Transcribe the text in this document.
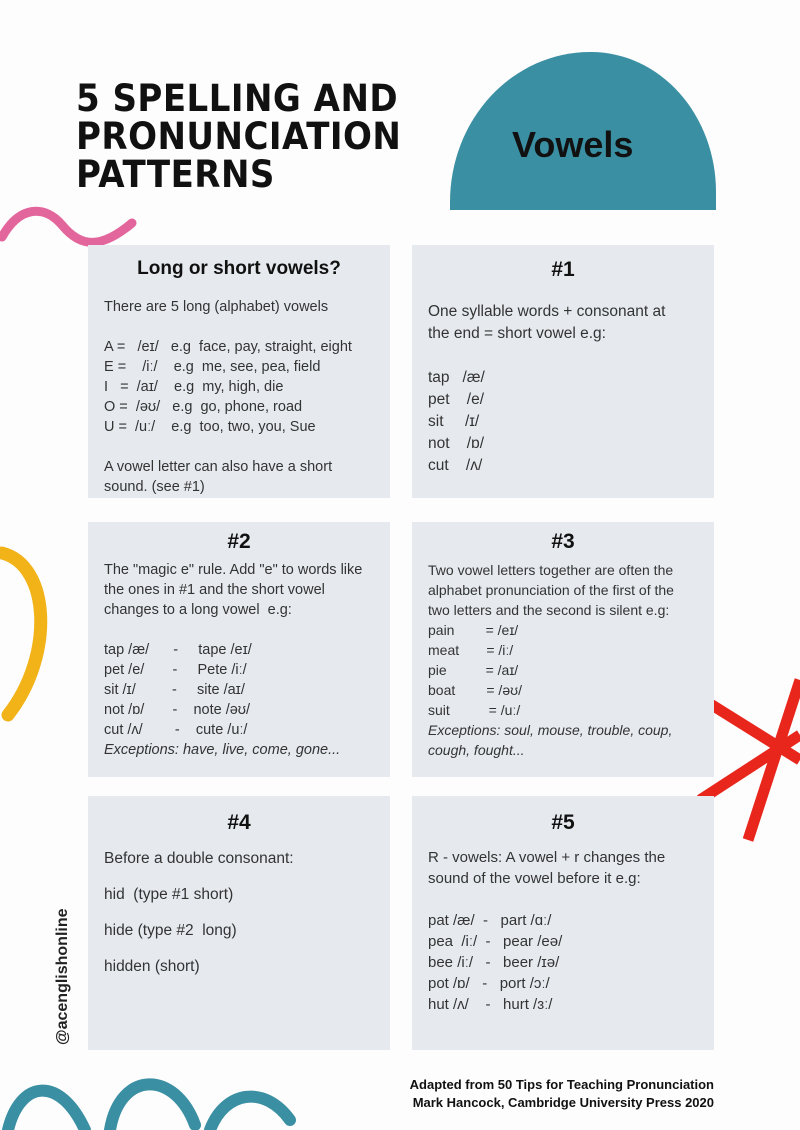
5 SPELLING AND
PRONUNCIATION
PATTERNS
Vowels
Long or short vowels?
There are 5 long (alphabet) vowels
A =   /eɪ/   e.g  face, pay, straight, eight
E =    /iː/    e.g  me, see, pea, field
I   =  /aɪ/    e.g  my, high, die
O =  /əʊ/   e.g  go, phone, road
U =  /uː/    e.g  too, two, you, Sue
A vowel letter can also have a short
sound. (see #1)
#1
One syllable words + consonant at
the end = short vowel e.g:
tap   /æ/
pet    /e/
sit     /ɪ/
not    /ɒ/
cut    /ʌ/
#2
The "magic e" rule. Add "e" to words like
the ones in #1 and the short vowel
changes to a long vowel  e.g:
tap /æ/      -     tape /eɪ/
pet /e/       -     Pete /iː/
sit /ɪ/         -     site /aɪ/
not /ɒ/       -    note /əʊ/
cut /ʌ/        -    cute /uː/
Exceptions: have, live, come, gone...
#3
Two vowel letters together are often the
alphabet pronunciation of the first of the
two letters and the second is silent e.g:
pain        = /eɪ/
meat       = /iː/
pie          = /aɪ/
boat        = /əʊ/
suit          = /uː/
Exceptions: soul, mouse, trouble, coup, cough, fought...
#4
Before a double consonant:
hid  (type #1 short)
hide (type #2  long)
hidden (short)
#5
R - vowels: A vowel + r changes the
sound of the vowel before it e.g:
pat /æ/  -   part /ɑː/
pea  /iː/  -   pear /eə/
bee /iː/   -   beer /ɪə/
pot /ɒ/   -   port /ɔː/
hut /ʌ/    -   hurt /ɜː/
@acenglishonline
Adapted from 50 Tips for Teaching Pronunciation
Mark Hancock, Cambridge University Press 2020
